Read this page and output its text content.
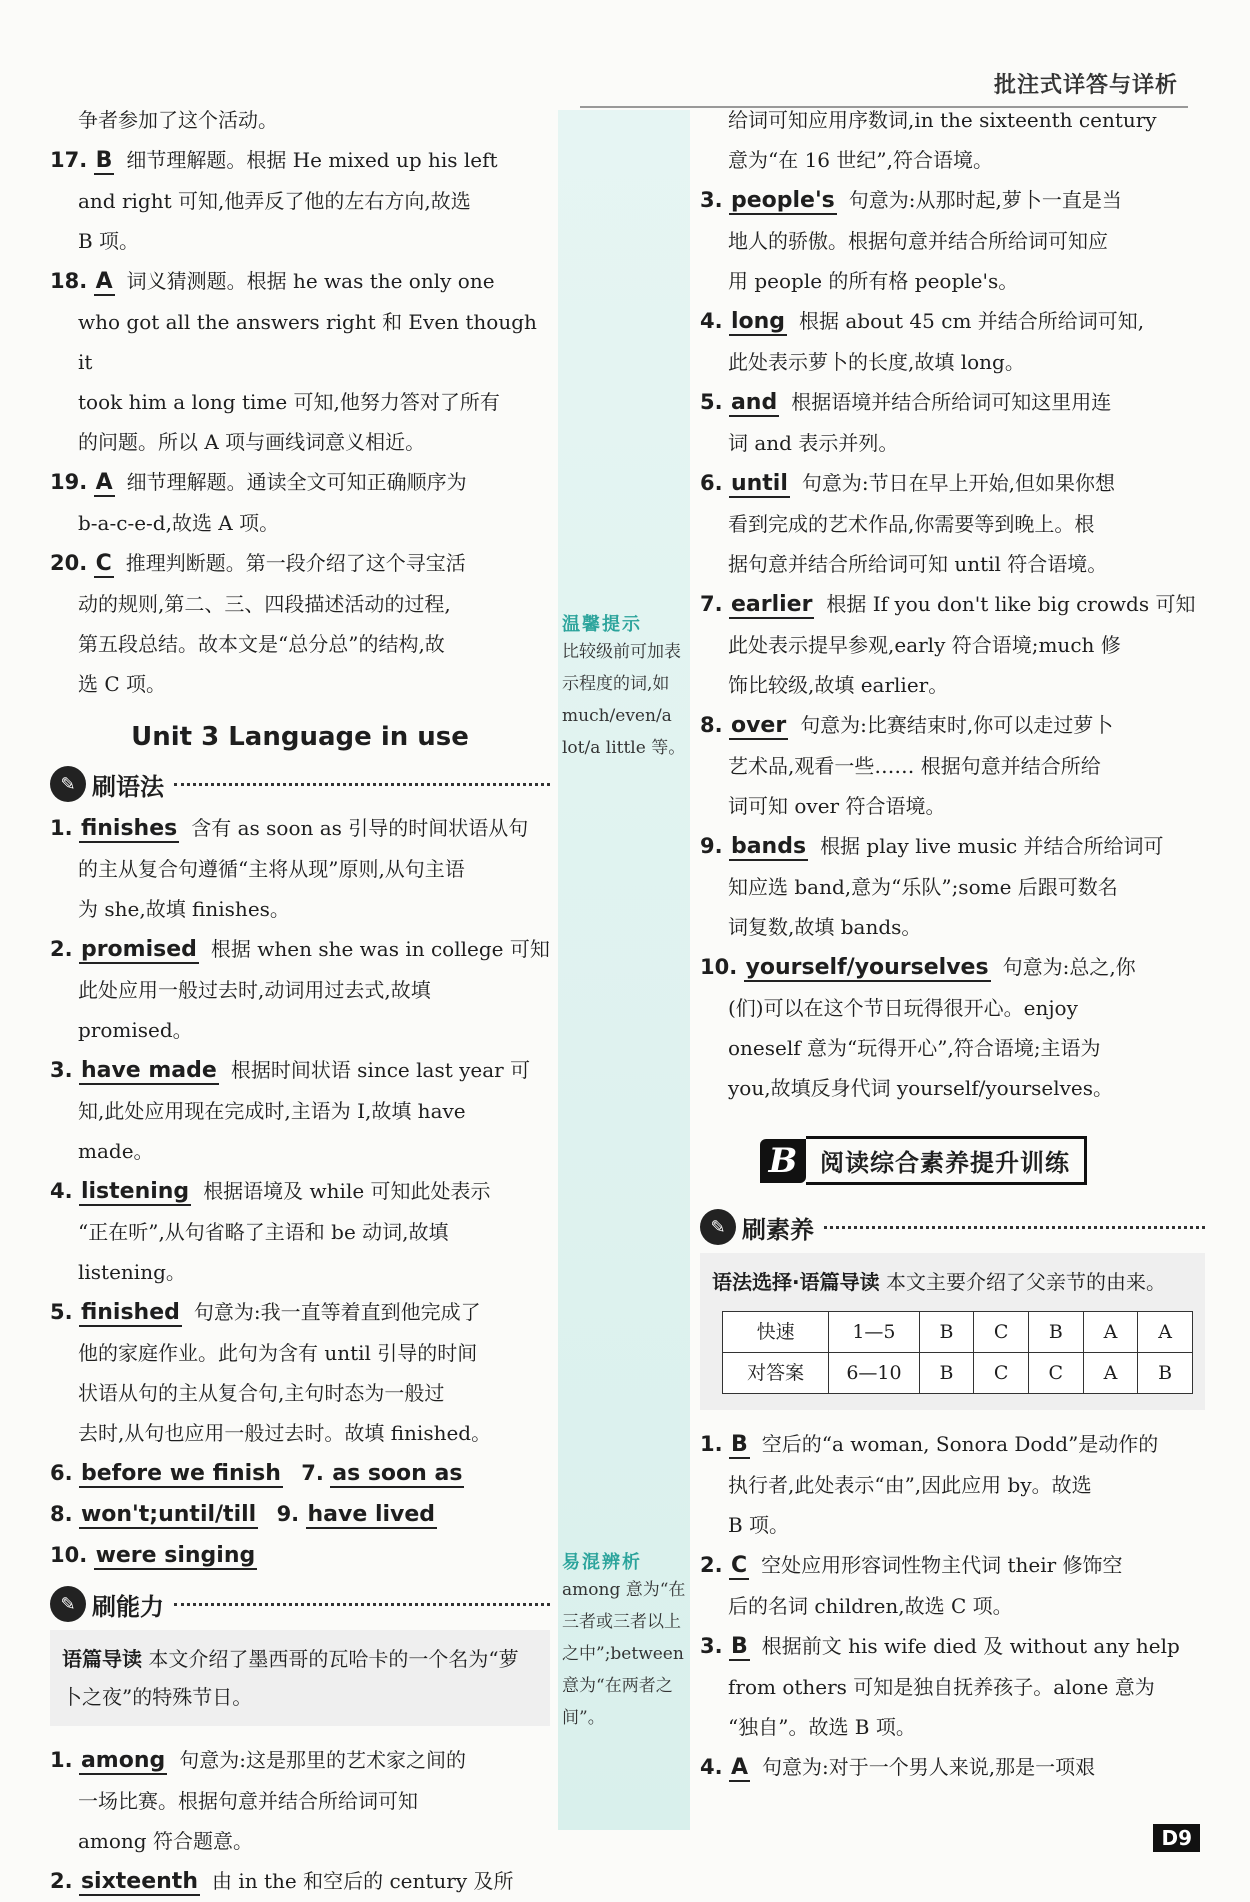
批注式详答与详析
温馨提示
比较级前可加表示程度的词,如 much/even/a lot/a little 等。
易混辨析
among 意为“在三者或三者以上之中”;between 意为“在两者之间”。

争者参加了这个活动。

17. B 细节理解题。根据 He mixed up his left

and right 可知,他弄反了他的左右方向,故选

B 项。

18. A 词义猜测题。根据 he was the only one

who got all the answers right 和 Even though it

took him a long time 可知,他努力答对了所有

的问题。所以 A 项与画线词意义相近。

19. A 细节理解题。通读全文可知正确顺序为

b-a-c-e-d,故选 A 项。

20. C 推理判断题。第一段介绍了这个寻宝活

动的规则,第二、三、四段描述活动的过程,

第五段总结。故本文是“总分总”的结构,故

选 C 项。

Unit 3 Language in use
✎ 刷语法

1. finishes 含有 as soon as 引导的时间状语从句

的主从复合句遵循“主将从现”原则,从句主语

为 she,故填 finishes。

2. promised 根据 when she was in college 可知

此处应用一般过去时,动词用过去式,故填

promised。

3. have made 根据时间状语 since last year 可

知,此处应用现在完成时,主语为 I,故填 have

made。

4. listening 根据语境及 while 可知此处表示

“正在听”,从句省略了主语和 be 动词,故填

listening。

5. finished 句意为:我一直等着直到他完成了

他的家庭作业。此句为含有 until 引导的时间

状语从句的主从复合句,主句时态为一般过

去时,从句也应用一般过去时。故填 finished。

6. before we finish 7. as soon as

8. won't;until/till 9. have lived

10. were singing

✎ 刷能力
语篇导读 本文介绍了墨西哥的瓦哈卡的一个名为“萝卜之夜”的特殊节日。

1. among 句意为:这是那里的艺术家之间的

一场比赛。根据句意并结合所给词可知

among 符合题意。

2. sixteenth 由 in the 和空后的 century 及所

给词可知应用序数词,in the sixteenth century

意为“在 16 世纪”,符合语境。

3. people's 句意为:从那时起,萝卜一直是当

地人的骄傲。根据句意并结合所给词可知应

用 people 的所有格 people's。

4. long 根据 about 45 cm 并结合所给词可知,

此处表示萝卜的长度,故填 long。

5. and 根据语境并结合所给词可知这里用连

词 and 表示并列。

6. until 句意为:节日在早上开始,但如果你想

看到完成的艺术作品,你需要等到晚上。根

据句意并结合所给词可知 until 符合语境。

7. earlier 根据 If you don't like big crowds 可知

此处表示提早参观,early 符合语境;much 修

饰比较级,故填 earlier。

8. over 句意为:比赛结束时,你可以走过萝卜

艺术品,观看一些…… 根据句意并结合所给

词可知 over 符合语境。

9. bands 根据 play live music 并结合所给词可

知应选 band,意为“乐队”;some 后跟可数名

词复数,故填 bands。

10. yourself/yourselves 句意为:总之,你

(们)可以在这个节日玩得很开心。enjoy

oneself 意为“玩得开心”,符合语境;主语为

you,故填反身代词 yourself/yourselves。

B 阅读综合素养提升训练
✎ 刷素养
语法选择·语篇导读 本文主要介绍了父亲节的由来。
快速	1—5	B	C	B	A	A
对答案	6—10	B	C	C	A	B

1. B 空后的“a woman, Sonora Dodd”是动作的

执行者,此处表示“由”,因此应用 by。故选

B 项。

2. C 空处应用形容词性物主代词 their 修饰空

后的名词 children,故选 C 项。

3. B 根据前文 his wife died 及 without any help

from others 可知是独自抚养孩子。alone 意为

“独自”。故选 B 项。

4. A 句意为:对于一个男人来说,那是一项艰

D9
